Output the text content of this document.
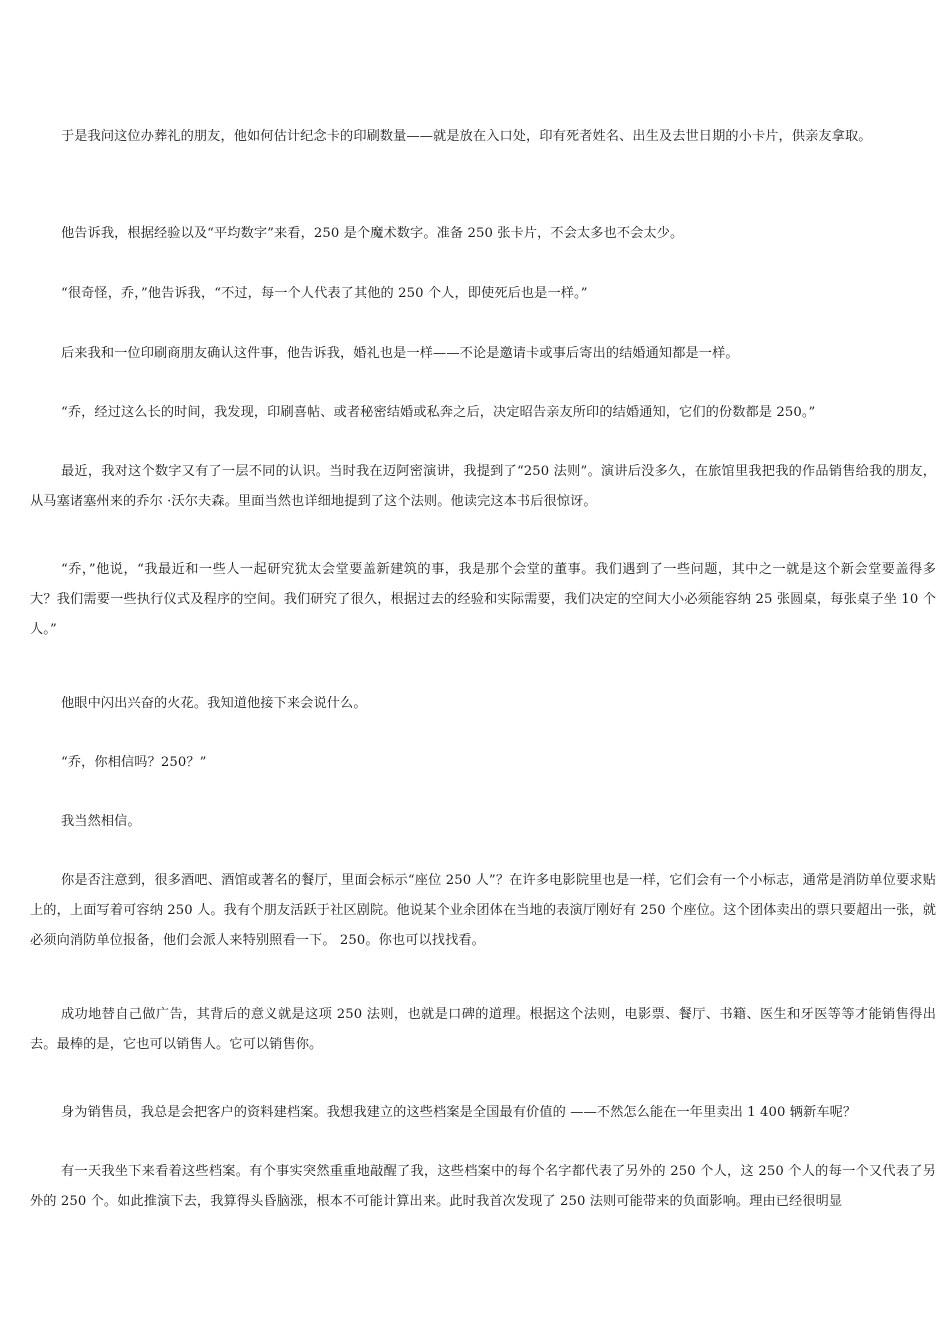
于是我问这位办葬礼的朋友，他如何估计纪念卡的印刷数量——就是放在入口处，印有死者姓名、出生及去世日期的小卡片，供亲友拿取。

他告诉我，根据经验以及“平均数字”来看，250 是个魔术数字。准备 250 张卡片，不会太多也不会太少。

“很奇怪，乔，”他告诉我，“不过，每一个人代表了其他的 250 个人，即使死后也是一样。”

后来我和一位印刷商朋友确认这件事，他告诉我，婚礼也是一样——不论是邀请卡或事后寄出的结婚通知都是一样。

“乔，经过这么长的时间，我发现，印刷喜帖、或者秘密结婚或私奔之后，决定昭告亲友所印的结婚通知，它们的份数都是 250。”

最近，我对这个数字又有了一层不同的认识。当时我在迈阿密演讲，我提到了“250 法则”。演讲后没多久，在旅馆里我把我的作品销售给我的朋友，从马塞诸塞州来的乔尔 ·沃尔夫森。里面当然也详细地提到了这个法则。他读完这本书后很惊讶。

“乔，”他说，“我最近和一些人一起研究犹太会堂要盖新建筑的事，我是那个会堂的董事。我们遇到了一些问题，其中之一就是这个新会堂要盖得多大？我们需要一些执行仪式及程序的空间。我们研究了很久，根据过去的经验和实际需要，我们决定的空间大小必须能容纳 25 张圆桌，每张桌子坐 10 个人。”

他眼中闪出兴奋的火花。我知道他接下来会说什么。

“乔，你相信吗？250？”

我当然相信。

你是否注意到，很多酒吧、酒馆或著名的餐厅，里面会标示“座位 250 人”？在许多电影院里也是一样，它们会有一个小标志，通常是消防单位要求贴上的，上面写着可容纳 250 人。我有个朋友活跃于社区剧院。他说某个业余团体在当地的表演厅刚好有 250 个座位。这个团体卖出的票只要超出一张，就必须向消防单位报备，他们会派人来特别照看一下。 250。你也可以找找看。

成功地替自己做广告，其背后的意义就是这项 250 法则，也就是口碑的道理。根据这个法则，电影票、餐厅、书籍、医生和牙医等等才能销售得出去。最棒的是，它也可以销售人。它可以销售你。

身为销售员，我总是会把客户的资料建档案。我想我建立的这些档案是全国最有价值的 ——不然怎么能在一年里卖出 1 400 辆新车呢？

有一天我坐下来看着这些档案。有个事实突然重重地敲醒了我，这些档案中的每个名字都代表了另外的 250 个人，这 250 个人的每一个又代表了另外的 250 个。如此推演下去，我算得头昏脑涨，根本不可能计算出来。此时我首次发现了 250 法则可能带来的负面影响。理由已经很明显
